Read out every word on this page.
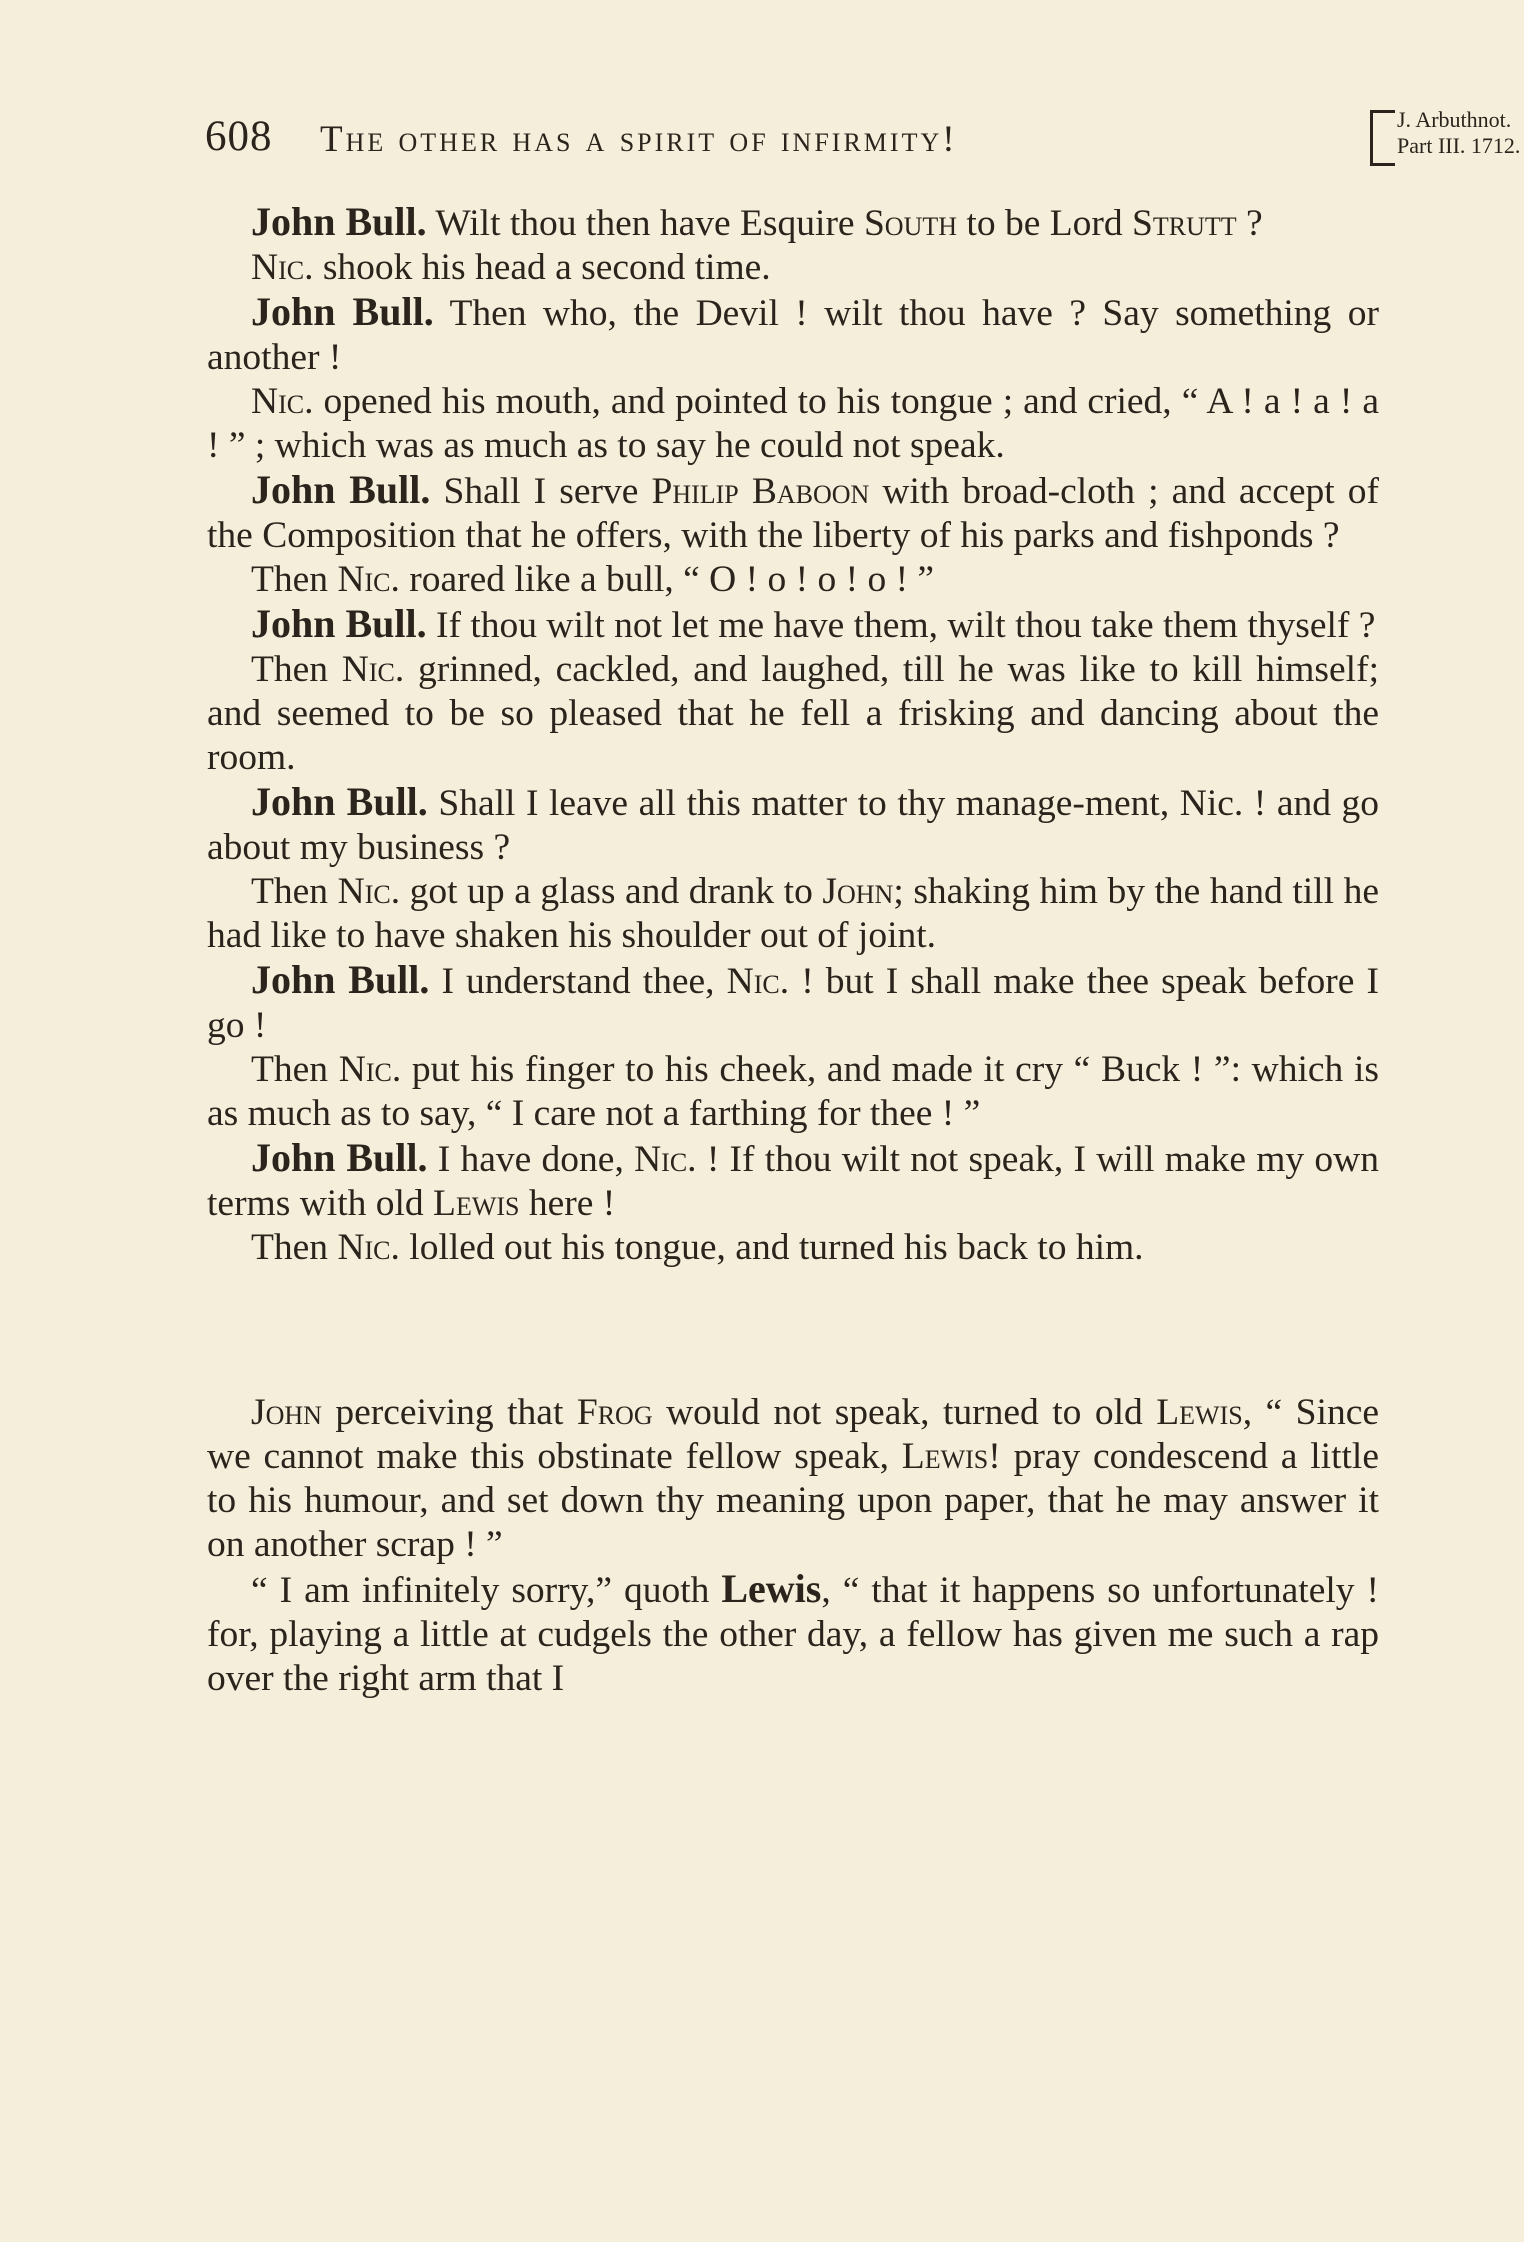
608 The other has a spirit of infirmity!	J. Arbuthnot.
Part III. 1712.

John Bull. Wilt thou then have Esquire South to be Lord Strutt ?

Nic. shook his head a second time.

John Bull. Then who, the Devil ! wilt thou have ? Say something or another !

Nic. opened his mouth, and pointed to his tongue ; and cried, “ A ! a ! a ! a ! ” ; which was as much as to say he could not speak.

John Bull. Shall I serve Philip Baboon with broad-cloth ; and accept of the Composition that he offers, with the liberty of his parks and fishponds ?

Then Nic. roared like a bull, “ O ! o ! o ! o ! ”

John Bull. If thou wilt not let me have them, wilt thou take them thyself ?

Then Nic. grinned, cackled, and laughed, till he was like to kill himself; and seemed to be so pleased that he fell a frisking and dancing about the room.

John Bull. Shall I leave all this matter to thy manage-ment, Nic. ! and go about my business ?

Then Nic. got up a glass and drank to John; shaking him by the hand till he had like to have shaken his shoulder out of joint.

John Bull. I understand thee, Nic. ! but I shall make thee speak before I go !

Then Nic. put his finger to his cheek, and made it cry “ Buck ! ”: which is as much as to say, “ I care not a farthing for thee ! ”

John Bull. I have done, Nic. ! If thou wilt not speak, I will make my own terms with old Lewis here !

Then Nic. lolled out his tongue, and turned his back to him.

John perceiving that Frog would not speak, turned to old Lewis, “ Since we cannot make this obstinate fellow speak, Lewis! pray condescend a little to his humour, and set down thy meaning upon paper, that he may answer it on another scrap ! ”

“ I am infinitely sorry,” quoth Lewis, “ that it happens so unfortunately ! for, playing a little at cudgels the other day, a fellow has given me such a rap over the right arm that I
